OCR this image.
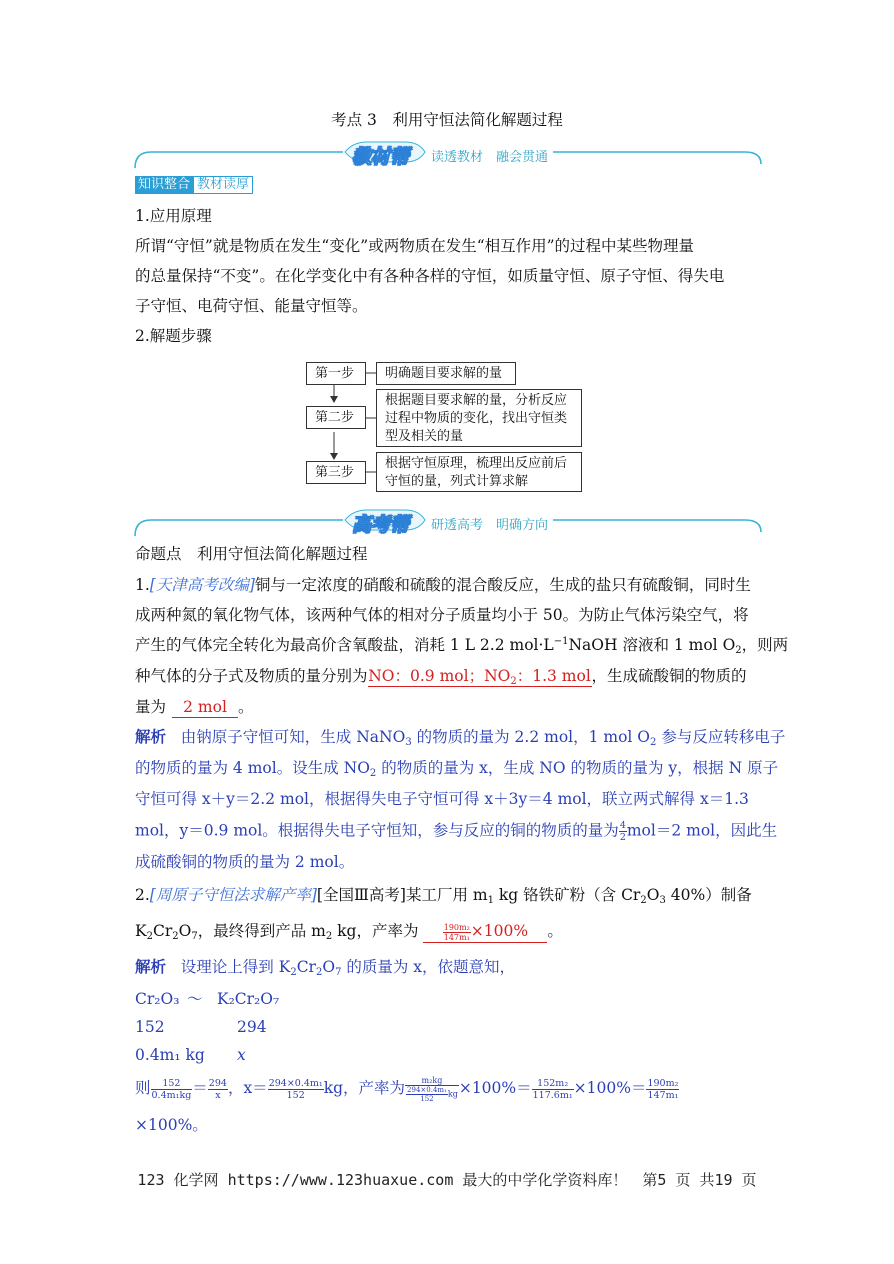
考点 3　利用守恒法简化解题过程
教材帮 读透教材　融会贯通
知识整合 教材读厚
1.应用原理
所谓“守恒”就是物质在发生“变化”或两物质在发生“相互作用”的过程中某些物理量
的总量保持“不变”。在化学变化中有各种各样的守恒，如质量守恒、原子守恒、得失电
子守恒、电荷守恒、能量守恒等。
2.解题步骤
第一步	明确题目要求解的量
第二步
根据题目要求解的量，分析反应过程中物质的变化，找出守恒类型及相关的量
第三步
根据守恒原理，梳理出反应前后守恒的量，列式计算求解
高考帮 研透高考　明确方向
命题点　利用守恒法简化解题过程
1.[天津高考改编]铜与一定浓度的硝酸和硫酸的混合酸反应，生成的盐只有硫酸铜，同时生
成两种氮的氧化物气体，该两种气体的相对分子质量均小于 50。为防止气体污染空气，将
产生的气体完全转化为最高价含氧酸盐，消耗 1 L 2.2 $mol\cdot L^{-1}NaOH$ 溶液和 1 mol $O_2$，则两
种气体的分子式及物质的量分别为NO：0.9 mol；$NO_2$：1.3 mol，生成硫酸铜的物质的
量为 2 mol 。
解析 由钠原子守恒可知，生成 NaNO$_3$ 的物质的量为 2.2 mol，1 mol $O_2$ 参与反应转移电子
的物质的量为 4 mol。设生成 $NO_2$ 的物质的量为 x，生成 NO 的物质的量为 y，根据 N 原子
守恒可得 x＋y＝2.2 mol，根据得失电子守恒可得 x＋3y＝4 mol，联立两式解得 x＝1.3
mol，y＝0.9 mol。根据得失电子守恒知，参与反应的铜的物质的量为 $\frac{4}{2} mol=2$ mol，因此生
成硫酸铜的物质的量为 2 mol。
2.[周原子守恒法求解产率][全国Ⅲ高考]某工厂用 $m_1$ kg 铬铁矿粉（含 $Cr_2O_3$ 40%）制备
$K_2Cr_2O_7$，最终得到产品 $m_2$ kg，产率为	$\frac{\text{190m₂}}{\text{147m₁}} \times 100\%$ 。
解析 设理论上得到 $K_2Cr_2O_7$ 的质量为 x，依题意知，
Cr₂O₃ ～ K₂Cr₂O₇
152	294
0.4m₁ kg x
则 $\frac{152}{\text{0.4m₁kg}} = \frac{294}{x}$ ，$x= \frac{\text{294×0.4m₁}}{152}$ kg，产率为 $\frac{\text{m₂kg}}{\frac{\text{294×0.4m₁}}{152} kg} \times 100\%= \frac{\text{152m₂}}{\text{117.6m₁}} \times 100\%= \frac{\text{190m₂}}{\text{147m₁}}$
×100%。
123 化学网 https://www.123huaxue.com 最大的中学化学资料库！　第5 页 共19 页
